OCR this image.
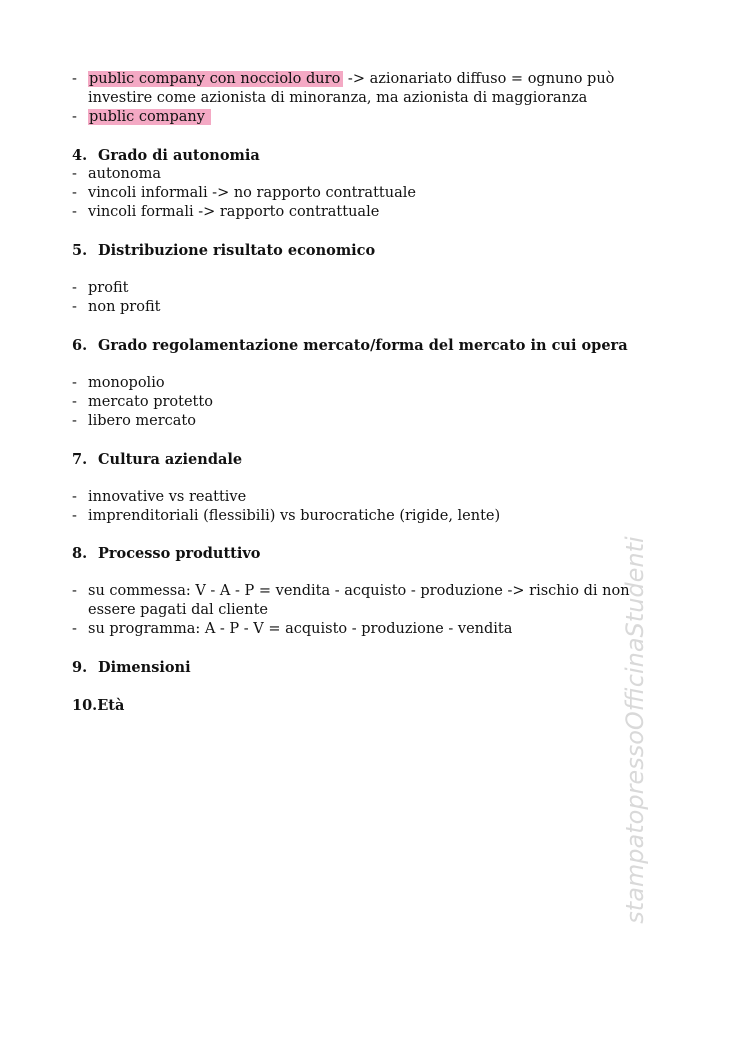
- public company con nocciolo duro -> azionariato diffuso = ognuno può
investire come azionista di minoranza, ma azionista di maggioranza
- public company
4. Grado di autonomia
- autonoma
- vincoli informali -> no rapporto contrattuale
- vincoli formali -> rapporto contrattuale
5. Distribuzione risultato economico
- profit
- non profit
6. Grado regolamentazione mercato/forma del mercato in cui opera
- monopolio
- mercato protetto
- libero mercato
7. Cultura aziendale
- innovative vs reattive
- imprenditoriali (flessibili) vs burocratiche (rigide, lente)
8. Processo produttivo
- su commessa: V - A - P = vendita - acquisto - produzione -> rischio di non
essere pagati dal cliente
- su programma: A - P - V = acquisto - produzione - vendita
9. Dimensioni
10.Età	stampatopressoOfficinaStudenti
